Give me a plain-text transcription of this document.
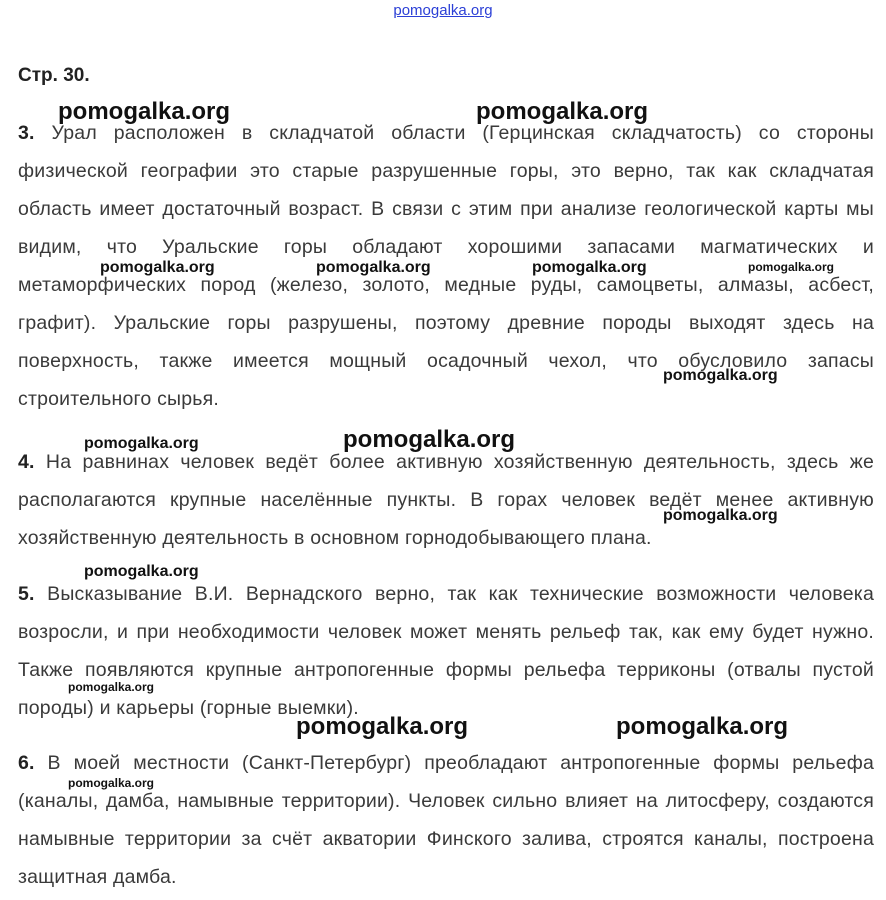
pomogalka.org
Стр. 30.
3. Урал расположен в складчатой области (Герцинская складчатость) со стороны физической географии это старые разрушенные горы, это верно, так как складчатая область имеет достаточный возраст. В связи с этим при анализе геологической карты мы видим, что Уральские горы обладают хорошими запасами магматических и метаморфических пород (железо, золото, медные руды, самоцветы, алмазы, асбест, графит). Уральские горы разрушены, поэтому древние породы выходят здесь на поверхность, также имеется мощный осадочный чехол, что обусловило запасы строительного сырья.
4. На равнинах человек ведёт более активную хозяйственную деятельность, здесь же располагаются крупные населённые пункты. В горах человек ведёт менее активную хозяйственную деятельность в основном горнодобывающего плана.
5. Высказывание В.И. Вернадского верно, так как технические возможности человека возросли, и при необходимости человек может менять рельеф так, как ему будет нужно. Также появляются крупные антропогенные формы рельефа терриконы (отвалы пустой породы) и карьеры (горные выемки).
6. В моей местности (Санкт-Петербург) преобладают антропогенные формы рельефа (каналы, дамба, намывные территории). Человек сильно влияет на литосферу, создаются намывные территории за счёт акватории Финского залива, строятся каналы, построена защитная дамба.
pomogalka.org	pomogalka.org
pomogalka.org	pomogalka.org	pomogalka.org	pomogalka.org
pomogalka.org
pomogalka.org	pomogalka.org
pomogalka.org
pomogalka.org
pomogalka.org
pomogalka.org	pomogalka.org
pomogalka.org
